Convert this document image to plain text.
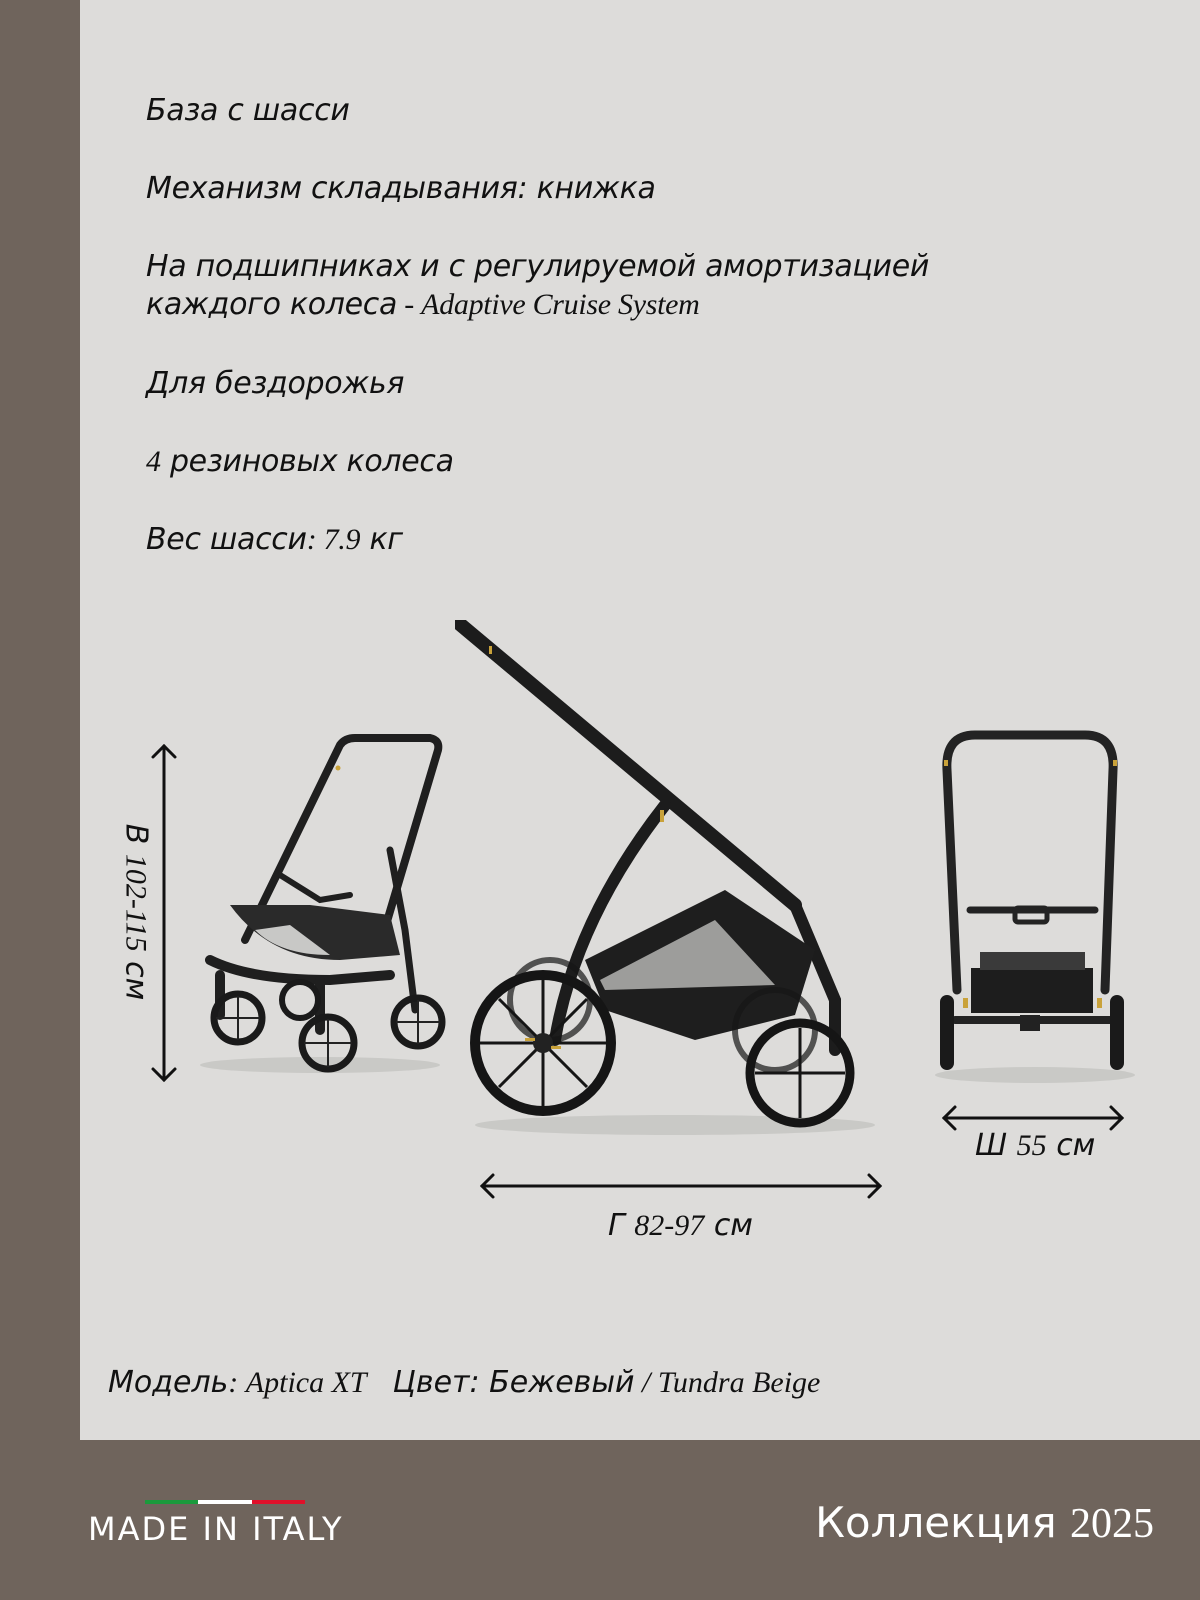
База с шасси
Механизм складывания: книжка
На подшипниках и с регулируемой амортизацией
каждого колеса - Adaptive Cruise System
Для бездорожья
4 резиновых колеса
Вес шасси: 7.9 кг
В 102-115 см
Г 82-97 см
Ш 55 см
Модель: Aptica XT Цвет: Бежевый / Tundra Beige
MADE IN ITALY	Коллекция 2025
